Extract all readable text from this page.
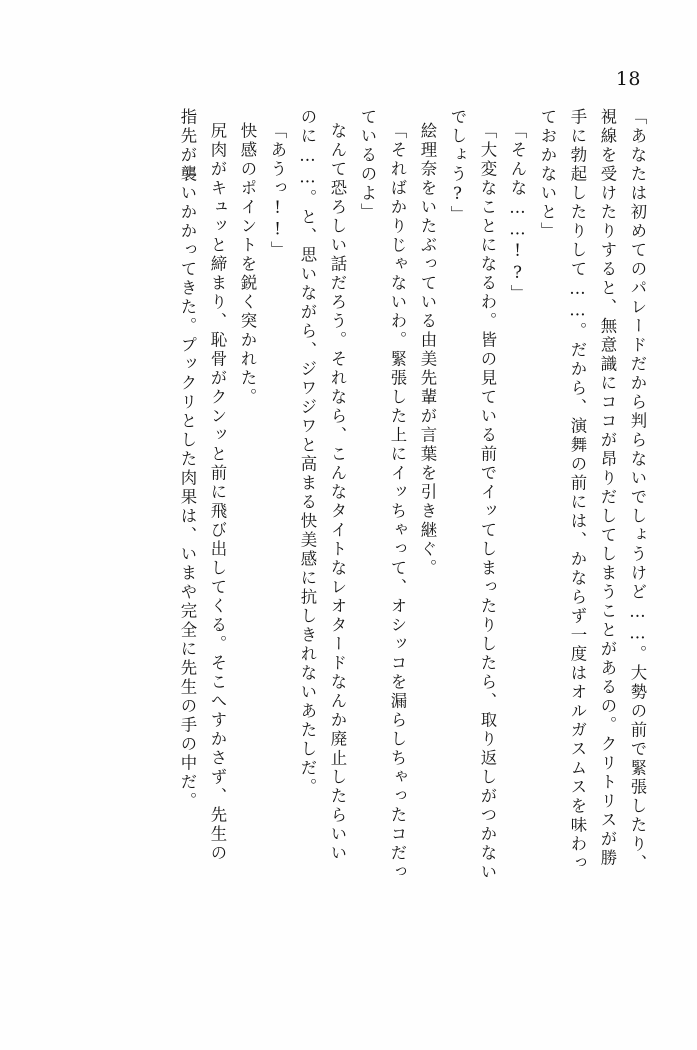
18
「あなたは初めてのパレードだから判らないでしょうけど……。大勢の前で緊張したり、
視線を受けたりすると、無意識にココが昂りだしてしまうことがあるの。クリトリスが勝
手に勃起したりして……。だから、演舞の前には、かならず一度はオルガスムスを味わっ
ておかないと」
「そんな……!?」
「大変なことになるわ。皆の見ている前でイッてしまったりしたら、取り返しがつかない
でしょう?」
絵理奈をいたぶっている由美先輩が言葉を引き継ぐ。
「そればかりじゃないわ。緊張した上にイッちゃって、オシッコを漏らしちゃったコだっ
ているのよ」
なんて恐ろしい話だろう。それなら、こんなタイトなレオタードなんか廃止したらいい
のに……。と、思いながら、ジワジワと高まる快美感に抗しきれないあたしだ。
「あうっ!!」
快感のポイントを鋭く突かれた。
尻肉がキュッと締まり、恥骨がクンッと前に飛び出してくる。そこへすかさず、先生の
指先が襲いかかってきた。プックリとした肉果は、いまや完全に先生の手の中だ。
